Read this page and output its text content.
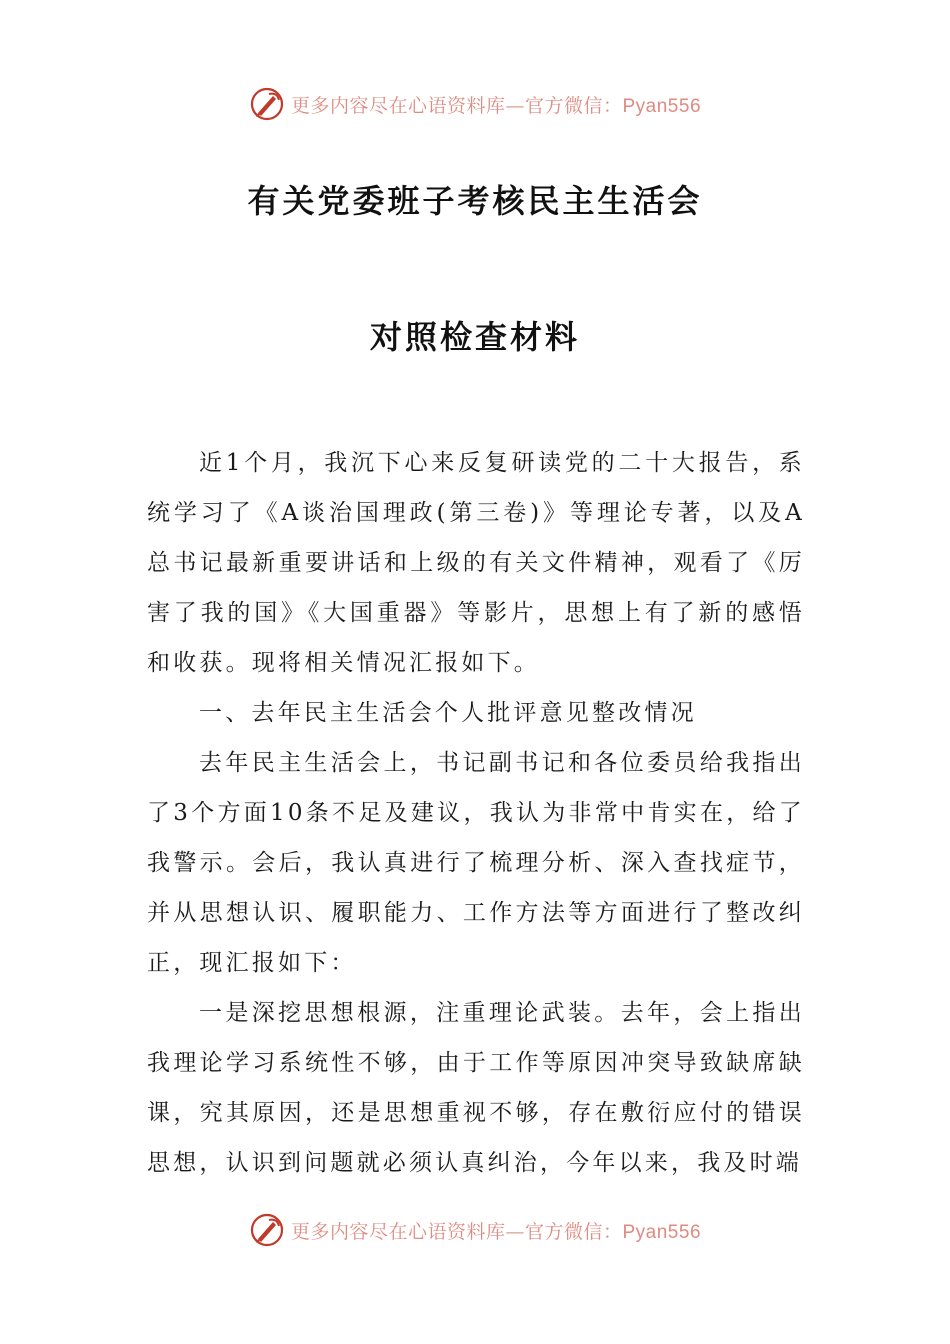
更多内容尽在心语资料库—官方微信：Pyan556
有关党委班子考核民主生活会
对照检查材料

近1个月，我沉下心来反复研读党的二十大报告，系统学习了《A谈治国理政(第三卷)》等理论专著，以及A总书记最新重要讲话和上级的有关文件精神，观看了《厉害了我的国》《大国重器》等影片，思想上有了新的感悟和收获。现将相关情况汇报如下。

一、去年民主生活会个人批评意见整改情况

去年民主生活会上，书记副书记和各位委员给我指出了3个方面10条不足及建议，我认为非常中肯实在，给了我警示。会后，我认真进行了梳理分析、深入查找症节，并从思想认识、履职能力、工作方法等方面进行了整改纠正，现汇报如下：

一是深挖思想根源，注重理论武装。去年，会上指出我理论学习系统性不够，由于工作等原因冲突导致缺席缺课，究其原因，还是思想重视不够，存在敷衍应付的错误思想，认识到问题就必须认真纠治，今年以来，我及时端

更多内容尽在心语资料库—官方微信：Pyan556
